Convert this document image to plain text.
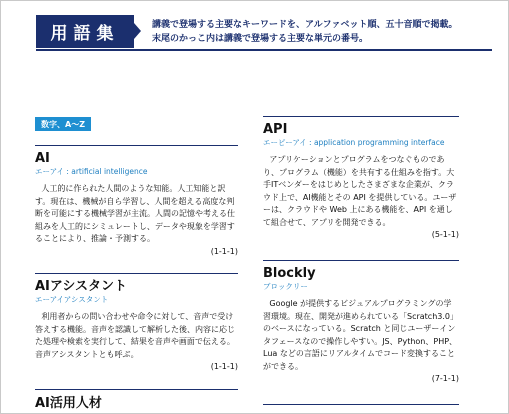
用語集	講義で登場する主要なキーワードを、アルファベット順、五十音順で掲載。
末尾のかっこ内は講義で登場する主要な単元の番号。
数字、A〜Z
AI
エーアイ : artificial intelligence
人工的に作られた人間のような知能。人工知能と訳す。現在は、機械が自ら学習し、人間を超える高度な判断を可能にする機械学習が主流。人間の記憶や考える仕組みを人工的にシミュレートし、データや現象を学習することにより、推論・予測する。
(1-1-1)
AIアシスタント
エーアイアシスタント
利用者からの問い合わせや命令に対して、音声で受け答えする機能。音声を認識して解析した後、内容に応じた処理や検索を実行して、結果を音声や画面で伝える。音声アシスタントとも呼ぶ。
(1-1-1)
AI活用人材
API
エーピーアイ : application programming interface
アプリケーションとプログラムをつなぐものであり、プログラム（機能）を共有する仕組みを指す。大手ITベンダーをはじめとしたさまざまな企業が、クラウド上で、AI機能とその API を提供している。ユーザーは、クラウドや Web 上にある機能を、API を通して組合せて、アプリを開発できる。
(5-1-1)
Blockly
ブロックリー
Google が提供するビジュアルプログラミングの学習環境。現在、開発が進められている「Scratch3.0」のベースになっている。Scratch と同じユーザーインタフェースなので操作しやすい。JS、Python、PHP、Lua などの言語にリアルタイムでコード変換することができる。
(7-1-1)
